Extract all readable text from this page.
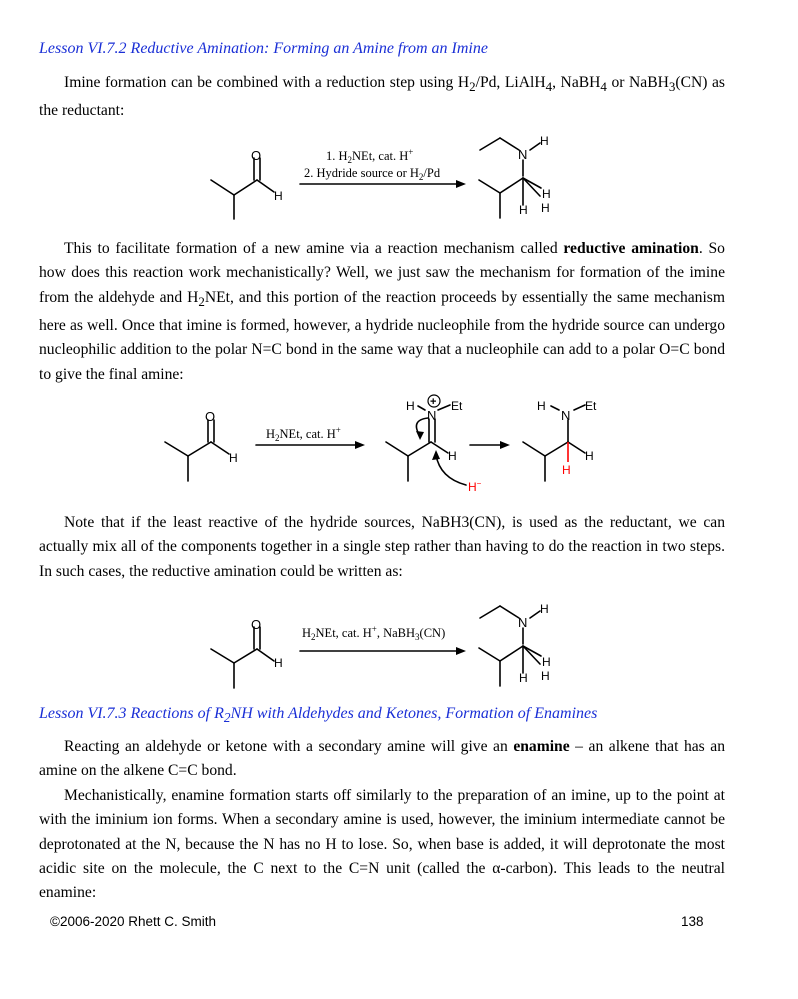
Lesson VI.7.2 Reductive Amination: Forming an Amine from an Imine

Imine formation can be combined with a reduction step using $H_2/Pd$, LiAlH$_4$, NaBH$_4$ or NaBH$_3$(CN) as the reductant:

O
H
1. $H_2NEt$, cat. H+
2. Hydride source or $H_2/Pd$
N
H
H
H
H

This to facilitate formation of a new amine via a reaction mechanism called reductive amination. So how does this reaction work mechanistically? Well, we just saw the mechanism for formation of the imine from the aldehyde and $H_2NEt$, and this portion of the reaction proceeds by essentially the same mechanism here as well. Once that imine is formed, however, a hydride nucleophile from the hydride source can undergo nucleophilic addition to the polar N=C bond in the same way that a nucleophile can add to a polar O=C bond to give the final amine:

O
H
$H_2NEt$, cat. H+
H +
N
Et
H
H−
H
N
Et
H
H

Note that if the least reactive of the hydride sources, NaBH3(CN), is used as the reductant, we can actually mix all of the components together in a single step rather than having to do the reaction in two steps. In such cases, the reductive amination could be written as:

O
H
$H_2NEt$, cat. H+, NaBH$_3$(CN)
N
H
H
H
H
Lesson VI.7.3 Reactions of $R_2NH$ with Aldehydes and Ketones, Formation of Enamines

Reacting an aldehyde or ketone with a secondary amine will give an enamine – an alkene that has an amine on the alkene C=C bond.

Mechanistically, enamine formation starts off similarly to the preparation of an imine, up to the point at with the iminium ion forms. When a secondary amine is used, however, the iminium intermediate cannot be deprotonated at the N, because the N has no H to lose. So, when base is added, it will deprotonate the most acidic site on the molecule, the C next to the C=N unit (called the α-carbon). This leads to the neutral enamine:

©2006-2020 Rhett C. Smith	138
